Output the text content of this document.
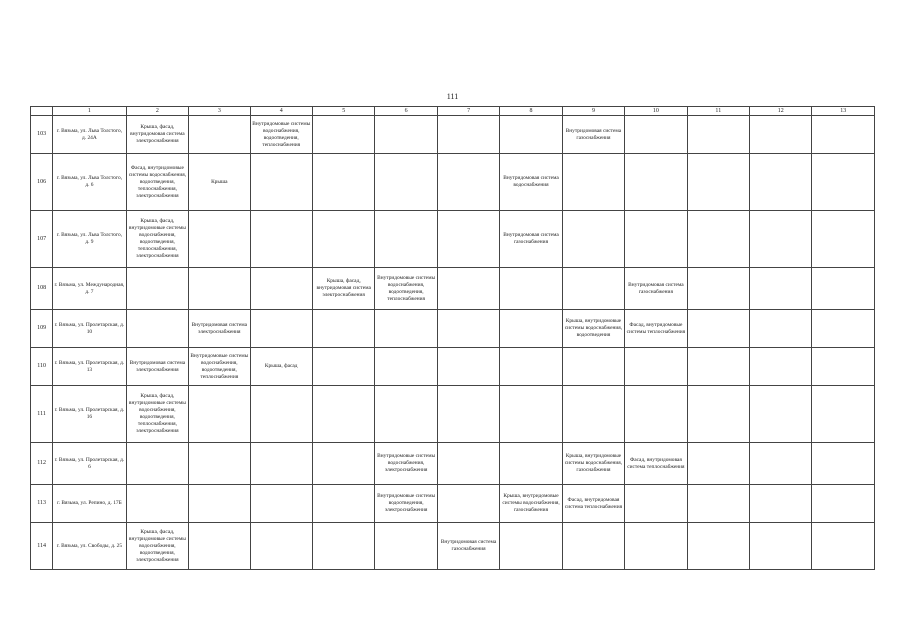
111
	1	2	3	4	5	6	7	8	9	10	11	12	13
103	г. Вязьма, ул. Льва Толстого, д. 24А	Крыша, фасад, внутридомовая система электроснабжения		Внутридомовые системы водоснабжения, водоотведения, теплоснабжения					Внутридомовая система газоснабжения				
106	г. Вязьма, ул. Льва Толстого, д. 6	Фасад, внутридомовые системы водоснабжения, водоотведения, теплоснабжения, электроснабжения	Крыша					Внутридомовая система водоснабжения					
107	г. Вязьма, ул. Льва Толстого, д. 9	Крыша, фасад, внутридомовые системы водоснабжения, водоотведения, теплоснабжения, электроснабжения						Внутридомовая система газоснабжения					
108	г. Вязьма, ул. Международная, д. 7				Крыша, фасад, внутридомовая система электроснабжения	Внутридомовые системы водоснабжения, водоотведения, теплоснабжения				Внутридомовая система газоснабжения			
109	г. Вязьма, ул. Пролетарская, д. 10		Внутридомовая система электроснабжения						Крыша, внутридомовые системы водоснабжения, водоотведения	Фасад, внутридомовые системы теплоснабжения			
110	г. Вязьма, ул. Пролетарская, д. 13	Внутридомовая система электроснабжения	Внутридомовые системы водоснабжения, водоотведения, теплоснабжения	Крыша, фасад									
111	г. Вязьма, ул. Пролетарская, д. 16	Крыша, фасад, внутридомовые системы водоснабжения, водоотведения, теплоснабжения, электроснабжения											
112	г. Вязьма, ул. Пролетарская, д. 6					Внутридомовые системы водоснабжения, электроснабжения			Крыша, внутридомовые системы водоснабжения, газоснабжения	Фасад, внутридомовая система теплоснабжения			
113	г. Вязьма, ул. Репино, д. 17Б					Внутридомовые системы водоотведения, электроснабжения		Крыша, внутридомовые системы водоснабжения, газоснабжения	Фасад, внутридомовая система теплоснабжения				
114	г. Вязьма, ул. Свободы, д. 25	Крыша, фасад, внутридомовые системы водоснабжения, водоотведения, электроснабжения					Внутридомовая система газоснабжения						
